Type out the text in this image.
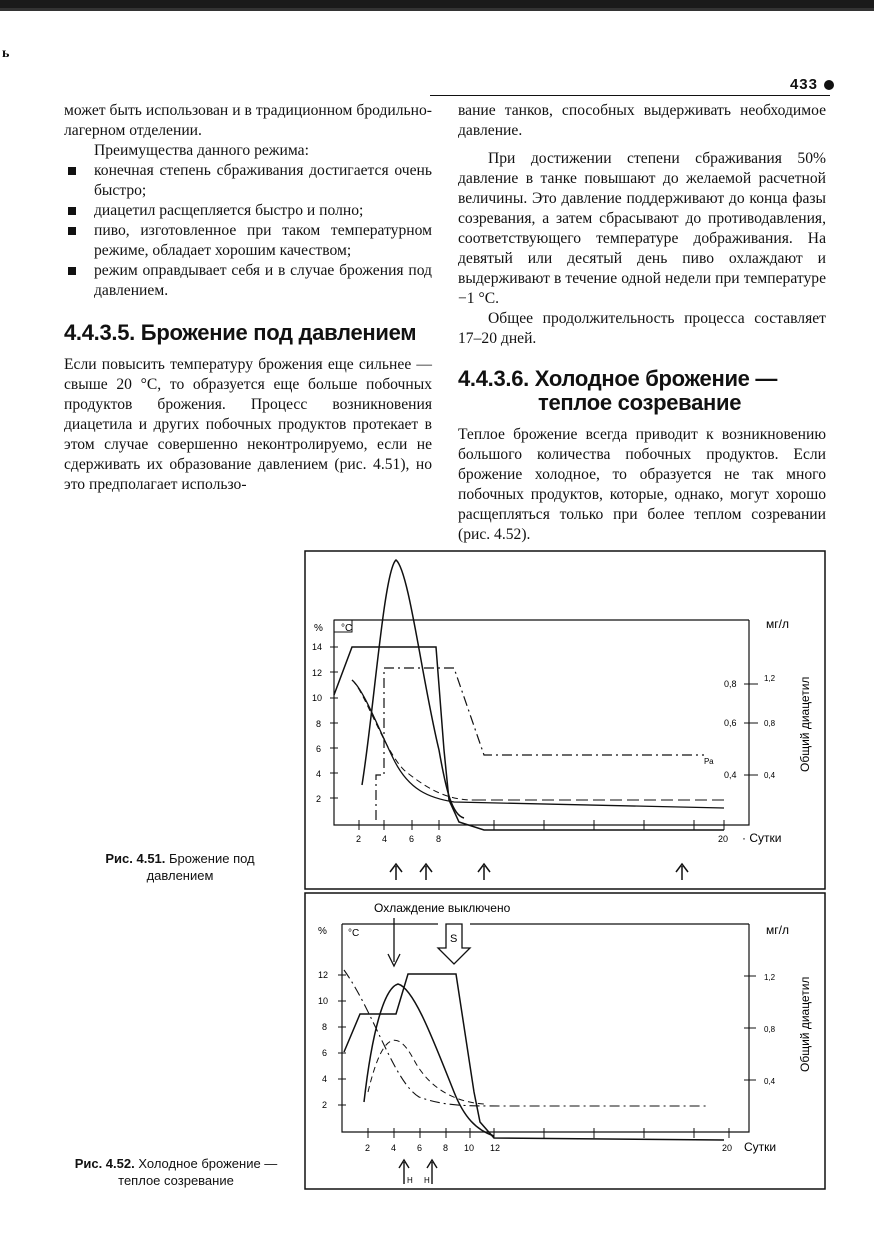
ь
433

может быть использован и в традиционном бродильно-лагерном отделении.

Преимущества данного режима:

конечная степень сбраживания достигается очень быстро;
диацетил расщепляется быстро и полно;
пиво, изготовленное при таком температурном режиме, обладает хорошим качеством;
режим оправдывает себя и в случае брожения под давлением.
4.4.3.5. Брожение под давлением

Если повысить температуру брожения еще сильнее — свыше 20 °С, то образуется еще больше побочных продуктов брожения. Процесс возникновения диацетила и других побочных продуктов протекает в этом случае совершенно неконтролируемо, если не сдерживать их образование давлением (рис. 4.51), но это предполагает использо-

вание танков, способных выдерживать необходимое давление.

При достижении степени сбраживания 50% давление в танке повышают до желаемой расчетной величины. Это давление поддерживают до конца фазы созревания, а затем сбрасывают до противодавления, соответствующего температуре дображивания. На девятый или десятый день пиво охлаждают и выдерживают в течение одной недели при температуре −1 °С.

Общее продолжительность процесса составляет 17–20 дней.

4.4.3.6. Холодное брожение —
теплое созревание

Теплое брожение всегда приводит к возникновению большого количества побочных продуктов. Если брожение холодное, то образуется не так много побочных продуктов, которые, однако, могут хорошо расщепляться только при более теплом созревании (рис. 4.52).

% °C	мг/л
Общий диацетил
14
12
10
8
6
4
2
2 4 6 8	20 · Сутки
0,8
0,6
0,4
1,2
0,8
0,4
Ра
Рис. 4.51. Брожение под давлением
Охлаждение выключено
S
% °C	мг/л
Общий диацетил
12
10
8
6
4
2
2 4 6 8 10 12	20 Сутки
1,2
0,8
0,4
Н Н
Рис. 4.52. Холодное брожение — теплое созревание
